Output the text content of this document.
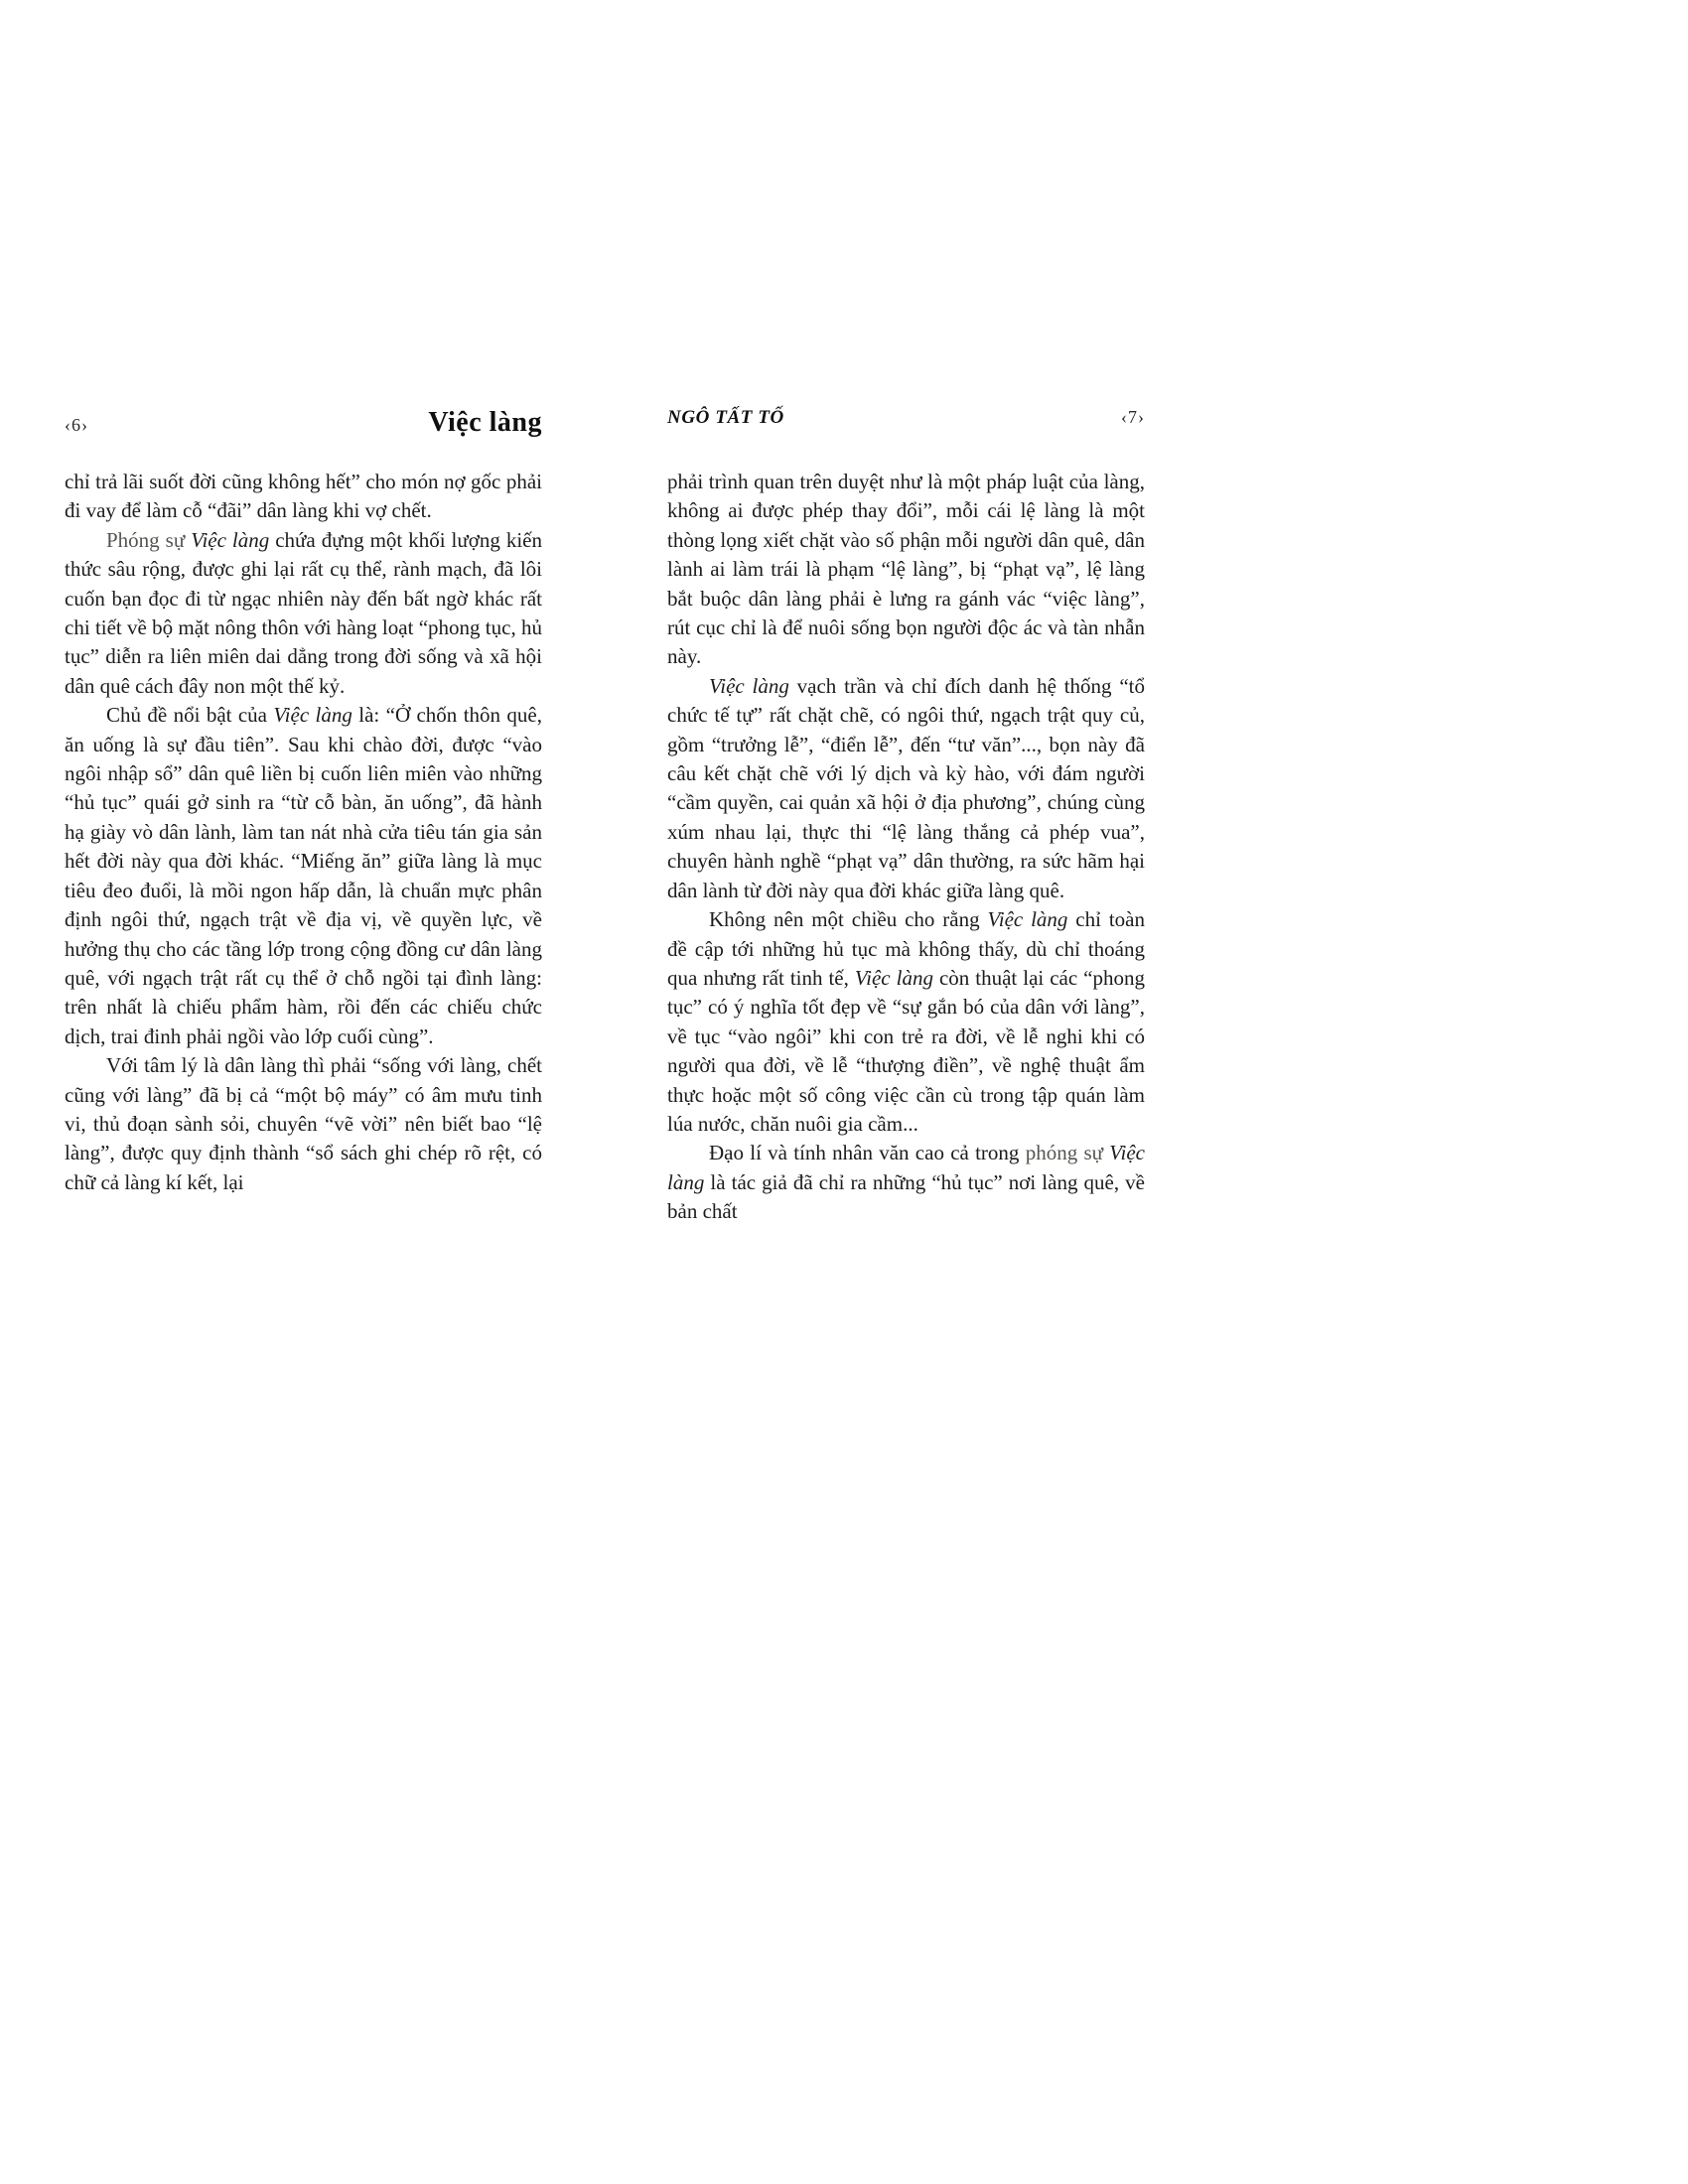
‹6›	Việc làng	NGÔ TẤT TỐ	‹7›

chỉ trả lãi suốt đời cũng không hết” cho món nợ gốc phải đi vay để làm cỗ “đãi” dân làng khi vợ chết.

Phóng sự Việc làng chứa đựng một khối lượng kiến thức sâu rộng, được ghi lại rất cụ thể, rành mạch, đã lôi cuốn bạn đọc đi từ ngạc nhiên này đến bất ngờ khác rất chi tiết về bộ mặt nông thôn với hàng loạt “phong tục, hủ tục” diễn ra liên miên dai dẳng trong đời sống và xã hội dân quê cách đây non một thế kỷ.

Chủ đề nổi bật của Việc làng là: “Ở chốn thôn quê, ăn uống là sự đầu tiên”. Sau khi chào đời, được “vào ngôi nhập sổ” dân quê liền bị cuốn liên miên vào những “hủ tục” quái gở sinh ra “từ cỗ bàn, ăn uống”, đã hành hạ giày vò dân lành, làm tan nát nhà cửa tiêu tán gia sản hết đời này qua đời khác. “Miếng ăn” giữa làng là mục tiêu đeo đuổi, là mồi ngon hấp dẫn, là chuẩn mực phân định ngôi thứ, ngạch trật về địa vị, về quyền lực, về hưởng thụ cho các tầng lớp trong cộng đồng cư dân làng quê, với ngạch trật rất cụ thể ở chỗ ngồi tại đình làng: trên nhất là chiếu phẩm hàm, rồi đến các chiếu chức dịch, trai đinh phải ngồi vào lớp cuối cùng”.

Với tâm lý là dân làng thì phải “sống với làng, chết cũng với làng” đã bị cả “một bộ máy” có âm mưu tinh vi, thủ đoạn sành sỏi, chuyên “vẽ vời” nên biết bao “lệ làng”, được quy định thành “sổ sách ghi chép rõ rệt, có chữ cả làng kí kết, lại

phải trình quan trên duyệt như là một pháp luật của làng, không ai được phép thay đổi”, mỗi cái lệ làng là một thòng lọng xiết chặt vào số phận mỗi người dân quê, dân lành ai làm trái là phạm “lệ làng”, bị “phạt vạ”, lệ làng bắt buộc dân làng phải è lưng ra gánh vác “việc làng”, rút cục chỉ là để nuôi sống bọn người độc ác và tàn nhẫn này.

Việc làng vạch trần và chỉ đích danh hệ thống “tổ chức tế tự” rất chặt chẽ, có ngôi thứ, ngạch trật quy củ, gồm “trưởng lễ”, “điển lễ”, đến “tư văn”..., bọn này đã câu kết chặt chẽ với lý dịch và kỳ hào, với đám người “cầm quyền, cai quản xã hội ở địa phương”, chúng cùng xúm nhau lại, thực thi “lệ làng thắng cả phép vua”, chuyên hành nghề “phạt vạ” dân thường, ra sức hãm hại dân lành từ đời này qua đời khác giữa làng quê.

Không nên một chiều cho rằng Việc làng chỉ toàn đề cập tới những hủ tục mà không thấy, dù chỉ thoáng qua nhưng rất tinh tế, Việc làng còn thuật lại các “phong tục” có ý nghĩa tốt đẹp về “sự gắn bó của dân với làng”, về tục “vào ngôi” khi con trẻ ra đời, về lễ nghi khi có người qua đời, về lễ “thượng điền”, về nghệ thuật ẩm thực hoặc một số công việc cần cù trong tập quán làm lúa nước, chăn nuôi gia cầm...

Đạo lí và tính nhân văn cao cả trong phóng sự Việc làng là tác giả đã chỉ ra những “hủ tục” nơi làng quê, về bản chất
